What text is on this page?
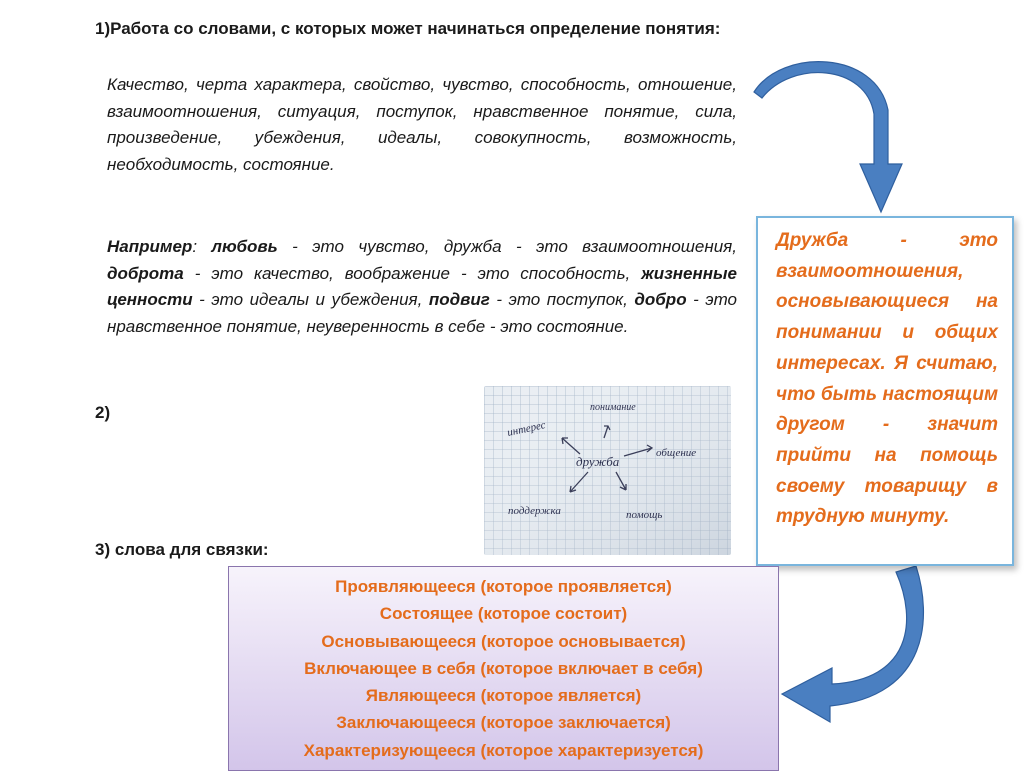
1)Работа со словами, с которых может начинаться определение понятия:
Качество, черта характера, свойство, чувство, способность, отношение, взаимоотношения, ситуация, поступок, нравственное понятие, сила, произведение, убеждения, идеалы, совокупность, возможность, необходимость, состояние.
Например: любовь - это чувство, дружба - это взаимоотношения, доброта - это качество, воображение - это способность, жизненные ценности - это идеалы и убеждения, подвиг - это поступок, добро - это нравственное понятие, неуверенность в себе - это состояние.
2)
3) слова для связки:
дружба
понимание
интерес
общение
поддержка	помощь
Дружба - это взаимоотношения, основывающиеся на понимании и общих интересах. Я считаю, что быть настоящим другом - значит прийти на помощь своему товарищу в трудную минуту.
Проявляющееся (которое проявляется)
Состоящее (которое состоит)
Основывающееся (которое основывается)
Включающее в себя (которое включает в себя)
Являющееся (которое является)
Заключающееся (которое заключается)
Характеризующееся (которое характеризуется)
